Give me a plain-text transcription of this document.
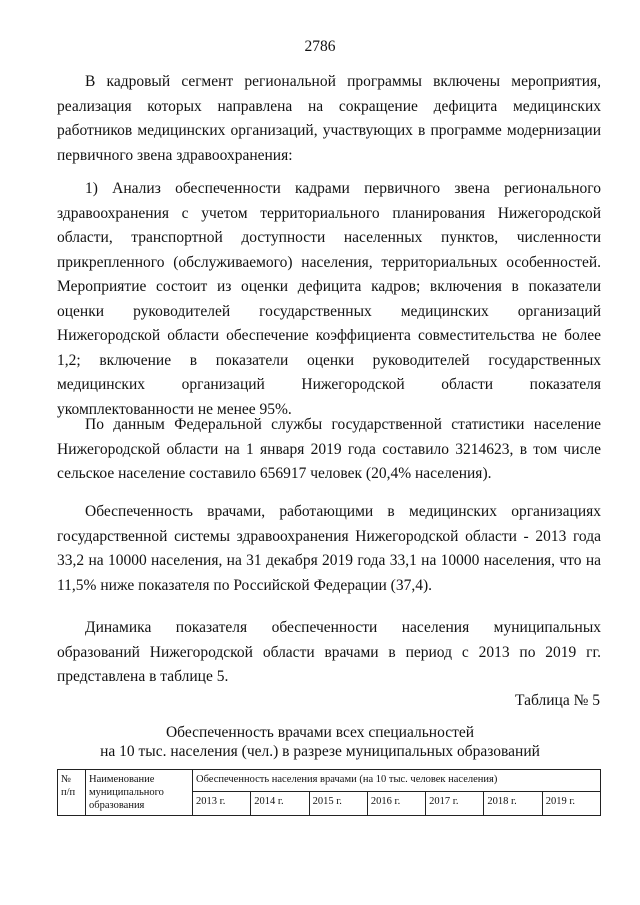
2786

В кадровый сегмент региональной программы включены мероприятия, реализация которых направлена на сокращение дефицита медицинских работников медицинских организаций, участвующих в программе модернизации первичного звена здравоохранения:

1) Анализ обеспеченности кадрами первичного звена регионального здравоохранения с учетом территориального планирования Нижегородской области, транспортной доступности населенных пунктов, численности прикрепленного (обслуживаемого) населения, территориальных особенностей. Мероприятие состоит из оценки дефицита кадров; включения в показатели оценки руководителей государственных медицинских организаций Нижегородской области обеспечение коэффициента совместительства не более 1,2; включение в показатели оценки руководителей государственных медицинских организаций Нижегородской области показателя укомплектованности не менее 95%.

По данным Федеральной службы государственной статистики население Нижегородской области на 1 января 2019 года составило 3214623, в том числе сельское население составило 656917 человек (20,4% населения).

Обеспеченность врачами, работающими в медицинских организациях государственной системы здравоохранения Нижегородской области - 2013 года 33,2 на 10000 населения, на 31 декабря 2019 года 33,1 на 10000 населения, что на 11,5% ниже показателя по Российской Федерации (37,4).

Динамика показателя обеспеченности населения муниципальных образований Нижегородской области врачами в период с 2013 по 2019 гг. представлена в таблице 5.

Таблица № 5
Обеспеченность врачами всех специальностей
на 10 тыс. населения (чел.) в разрезе муниципальных образований
№ п/п	Наименование муниципального образования	Обеспеченность населения врачами (на 10 тыс. человек населения)						
		2013 г.	2014 г.	2015 г.	2016 г.	2017 г.	2018 г.	2019 г.
